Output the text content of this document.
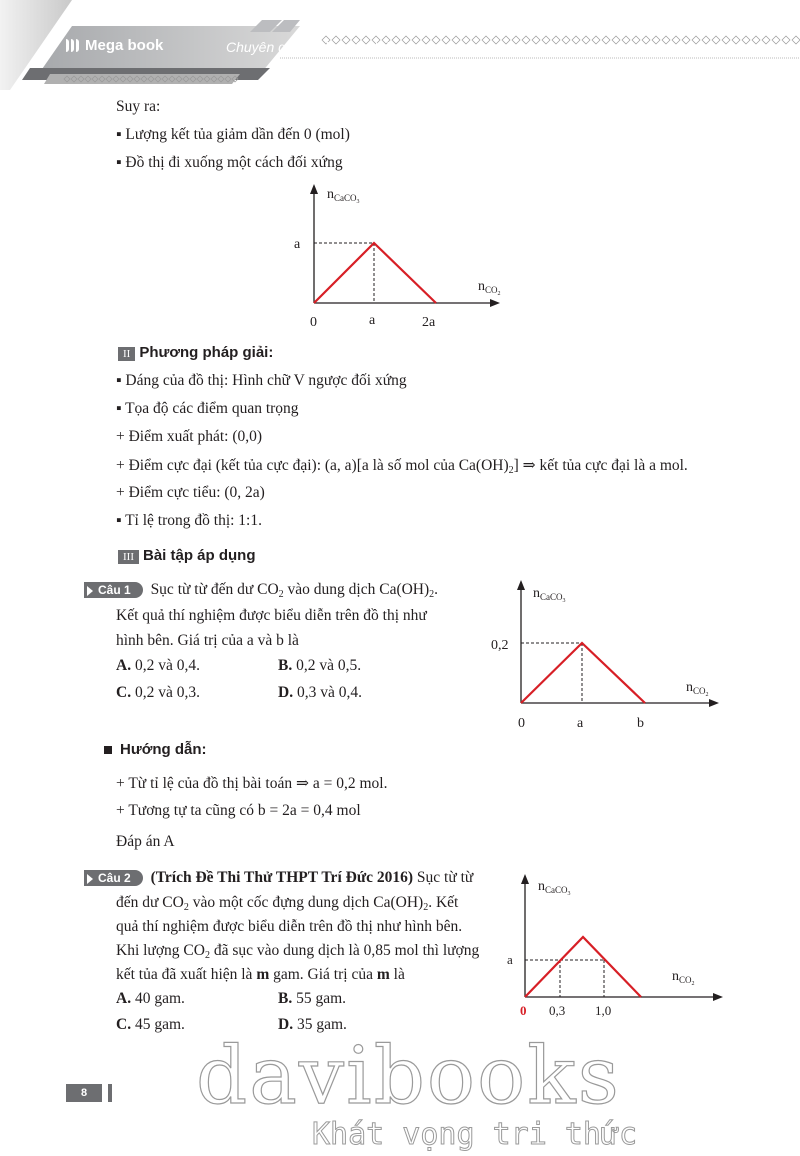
Mega book	Chuyên gia Sách luyện thi
Suy ra:
▪ Lượng kết tủa giảm dần đến 0 (mol)
▪ Đồ thị đi xuống một cách đối xứng
$n_{CaCO}3$
$n_{CO}2$
a
0	a	2a
II Phương pháp giải:
▪ Dáng của đồ thị: Hình chữ V ngược đối xứng
▪ Tọa độ các điểm quan trọng
+ Điểm xuất phát: (0,0)
+ Điểm cực đại (kết tủa cực đại): (a, a)[a là số mol của $Ca(OH)_2$] ⇒ kết tủa cực đại là a mol.
+ Điểm cực tiểu: (0, 2a)
▪ Tỉ lệ trong đồ thị: 1:1.
III Bài tập áp dụng
Câu 1 Sục từ từ đến dư $CO_2$ vào dung dịch $Ca(OH)_2$.
Kết quả thí nghiệm được biểu diễn trên đồ thị như
hình bên. Giá trị của a và b là
A. 0,2 và 0,4.	B. 0,2 và 0,5.
C. 0,2 và 0,3.	D. 0,3 và 0,4.
$n_{CaCO}3$
$n_{CO}2$
0,2
0	a	b
Hướng dẫn:
+ Từ tỉ lệ của đồ thị bài toán ⇒ a = 0,2 mol.
+ Tương tự ta cũng có b = 2a = 0,4 mol
Đáp án A
Câu 2 (Trích Đề Thi Thử THPT Trí Đức 2016) Sục từ từ
đến dư $CO_2$ vào một cốc đựng dung dịch $Ca(OH)_2$. Kết
quả thí nghiệm được biểu diễn trên đồ thị như hình bên.
Khi lượng $CO_2$ đã sục vào dung dịch là 0,85 mol thì lượng
kết tủa đã xuất hiện là m gam. Giá trị của m là
A. 40 gam.	B. 55 gam.
C. 45 gam.	D. 35 gam.
$n_{CaCO}3$
$n_{CO}2$
a
0 0,3 1,0
8 davibooks
Khát vọng tri thức
